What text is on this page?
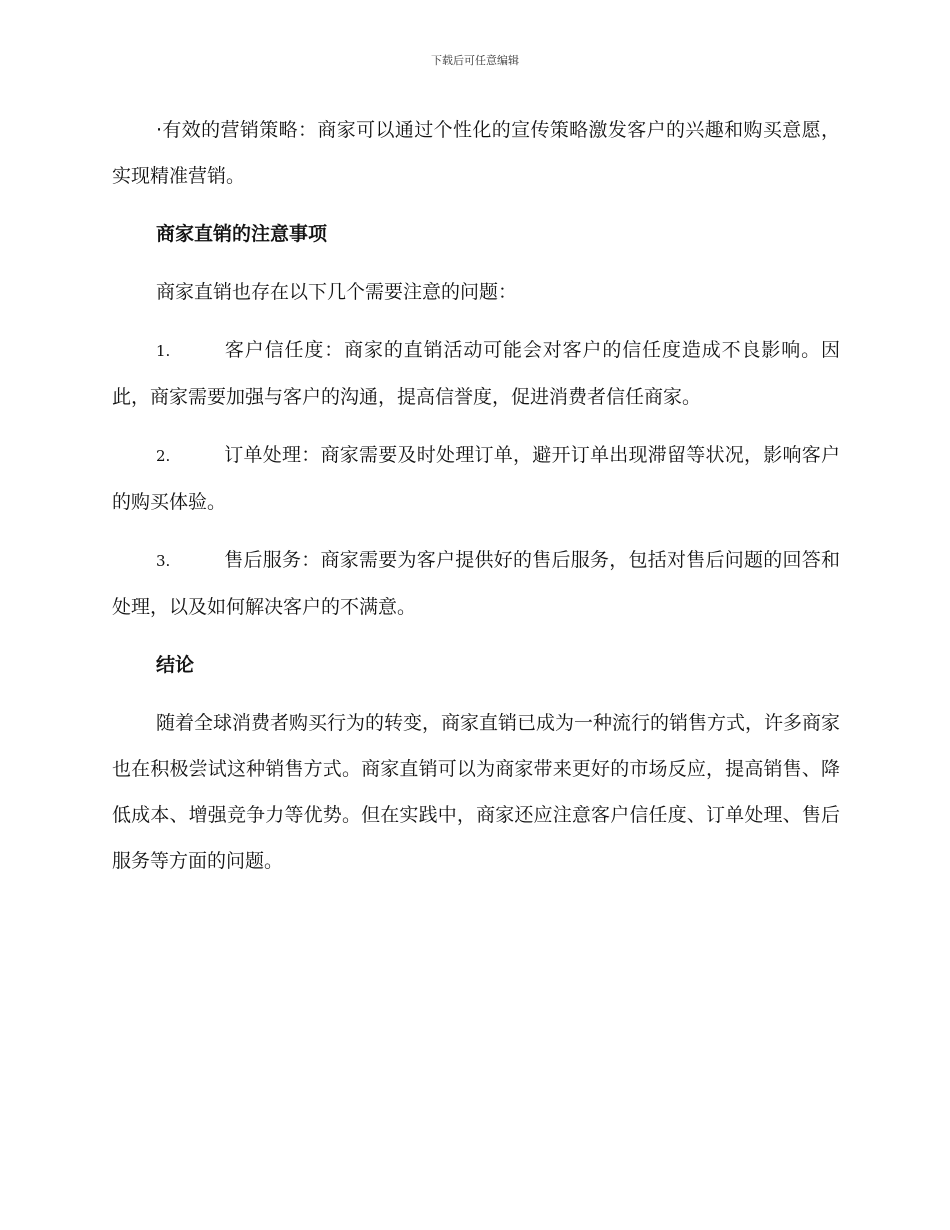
下载后可任意编辑

·有效的营销策略：商家可以通过个性化的宣传策略激发客户的兴趣和购买意愿，实现精准营销。

商家直销的注意事项

商家直销也存在以下几个需要注意的问题：

1.	客户信任度：商家的直销活动可能会对客户的信任度造成不良影响。因此，商家需要加强与客户的沟通，提高信誉度，促进消费者信任商家。

2.	订单处理：商家需要及时处理订单，避开订单出现滞留等状况，影响客户的购买体验。

3.	售后服务：商家需要为客户提供好的售后服务，包括对售后问题的回答和处理，以及如何解决客户的不满意。

结论

随着全球消费者购买行为的转变，商家直销已成为一种流行的销售方式，许多商家也在积极尝试这种销售方式。商家直销可以为商家带来更好的市场反应，提高销售、降低成本、增强竞争力等优势。但在实践中，商家还应注意客户信任度、订单处理、售后服务等方面的问题。
